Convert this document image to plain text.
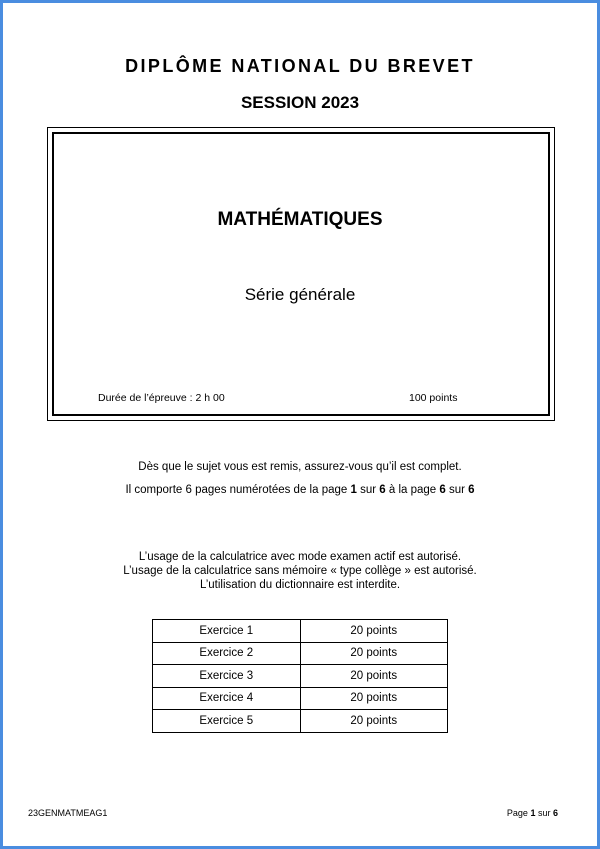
DIPLÔME NATIONAL DU BREVET
SESSION 2023
MATHÉMATIQUES
Série générale
Durée de l’épreuve : 2 h 00	100 points
Dès que le sujet vous est remis, assurez-vous qu’il est complet.
Il comporte 6 pages numérotées de la page 1 sur 6 à la page 6 sur 6
L’usage de la calculatrice avec mode examen actif est autorisé.
L’usage de la calculatrice sans mémoire « type collège » est autorisé.
L’utilisation du dictionnaire est interdite.
Exercice 1	20 points
Exercice 2	20 points
Exercice 3	20 points
Exercice 4	20 points
Exercice 5	20 points
23GENMATMEAG1	Page 1 sur 6
